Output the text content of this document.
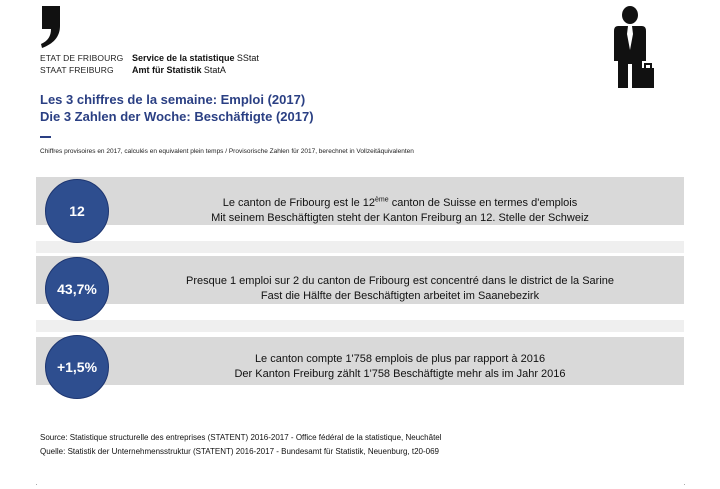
ETAT DE FRIBOURG Service de la statistique SStat
STAAT FREIBURG	Amt für Statistik StatA
Les 3 chiffres de la semaine: Emploi (2017)
Die 3 Zahlen der Woche: Beschäftigte (2017)
Chiffres provisoires en 2017, calculés en equivalent plein temps / Provisorische Zahlen für 2017, berechnet in Vollzeitäquivalenten
12
43,7%
+1,5%
Le canton de Fribourg est le 12ème canton de Suisse en termes d'emplois
Mit seinem Beschäftigten steht der Kanton Freiburg an 12. Stelle der Schweiz
Presque 1 emploi sur 2 du canton de Fribourg est concentré dans le district de la Sarine
Fast die Hälfte der Beschäftigten arbeitet im Saanebezirk
Le canton compte 1'758 emplois de plus par rapport à 2016
Der Kanton Freiburg zählt 1'758 Beschäftigte mehr als im Jahr 2016
Source: Statistique structurelle des entreprises (STATENT) 2016-2017 - Office fédéral de la statistique, Neuchâtel
Quelle: Statistik der Unternehmensstruktur (STATENT) 2016-2017 - Bundesamt für Statistik, Neuenburg, t20-069
